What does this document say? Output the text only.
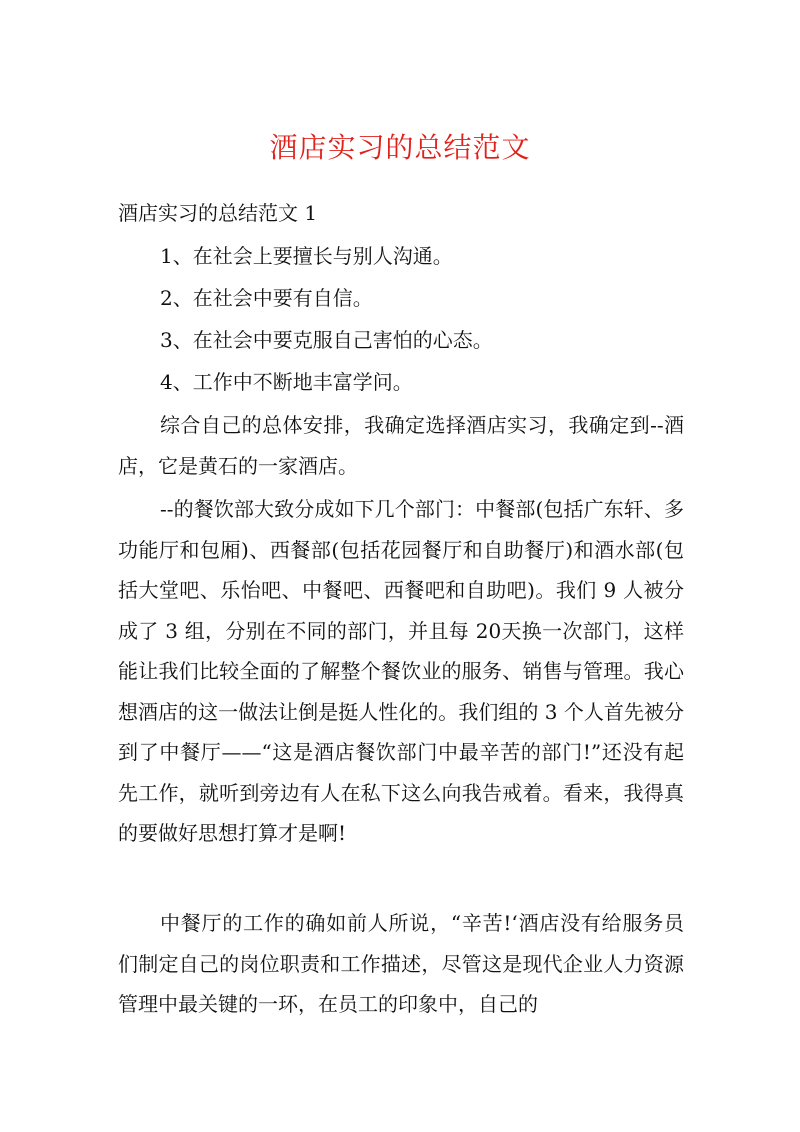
酒店实习的总结范文

酒店实习的总结范文 1

1、在社会上要擅长与别人沟通。

2、在社会中要有自信。

3、在社会中要克服自己害怕的心态。

4、工作中不断地丰富学问。

综合自己的总体安排，我确定选择酒店实习，我确定到--酒店，它是黄石的一家酒店。

--的餐饮部大致分成如下几个部门：中餐部(包括广东轩、多功能厅和包厢)、西餐部(包括花园餐厅和自助餐厅)和酒水部(包括大堂吧、乐怡吧、中餐吧、西餐吧和自助吧)。我们 9 人被分成了 3 组，分别在不同的部门，并且每 20天换一次部门，这样能让我们比较全面的了解整个餐饮业的服务、销售与管理。我心想酒店的这一做法让倒是挺人性化的。我们组的 3 个人首先被分到了中餐厅——“这是酒店餐饮部门中最辛苦的部门!”还没有起先工作，就听到旁边有人在私下这么向我告戒着。看来，我得真的要做好思想打算才是啊!

中餐厅的工作的确如前人所说，“辛苦!‘酒店没有给服务员们制定自己的岗位职责和工作描述，尽管这是现代企业人力资源管理中最关键的一环，在员工的印象中，自己的
